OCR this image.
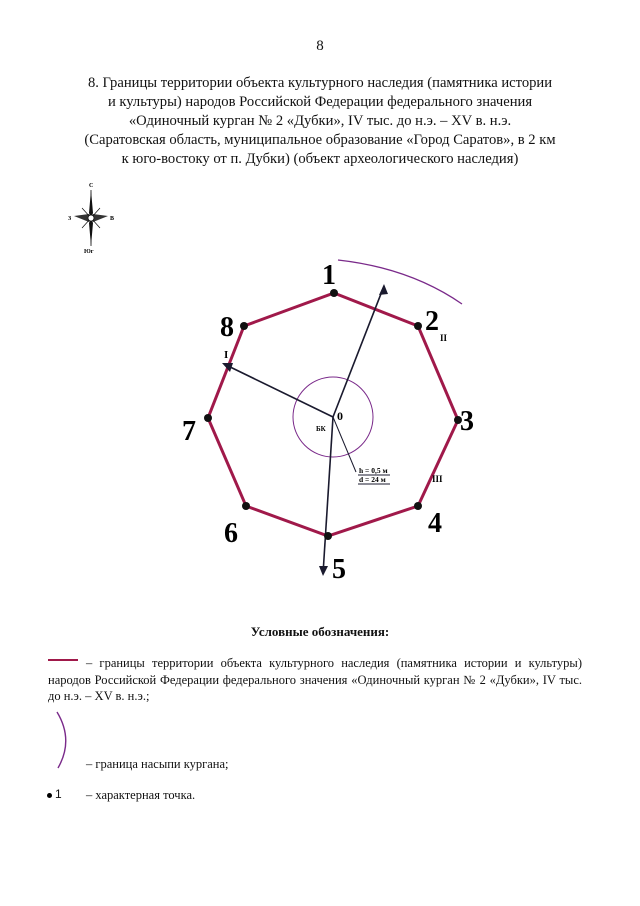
8
8. Границы территории объекта культурного наследия (памятника истории
и культуры) народов Российской Федерации федерального значения
«Одиночный курган № 2 «Дубки», IV тыс. до н.э. – XV в. н.э.
(Саратовская область, муниципальное образование «Город Саратов», в 2 км
к юго-востоку от п. Дубки) (объект археологического наследия)
С
З	В
Юг
1
2
3
4
5
6
7
8
I
II
III
0
БК
h = 0,5 м
d = 24 м
Условные обозначения:
– границы территории объекта культурного наследия (памятника истории и культуры) народов Российской Федерации федерального значения «Одиночный курган № 2 «Дубки», IV тыс. до н.э. – XV в. н.э.;
– граница насыпи кургана;
1 – характерная точка.
